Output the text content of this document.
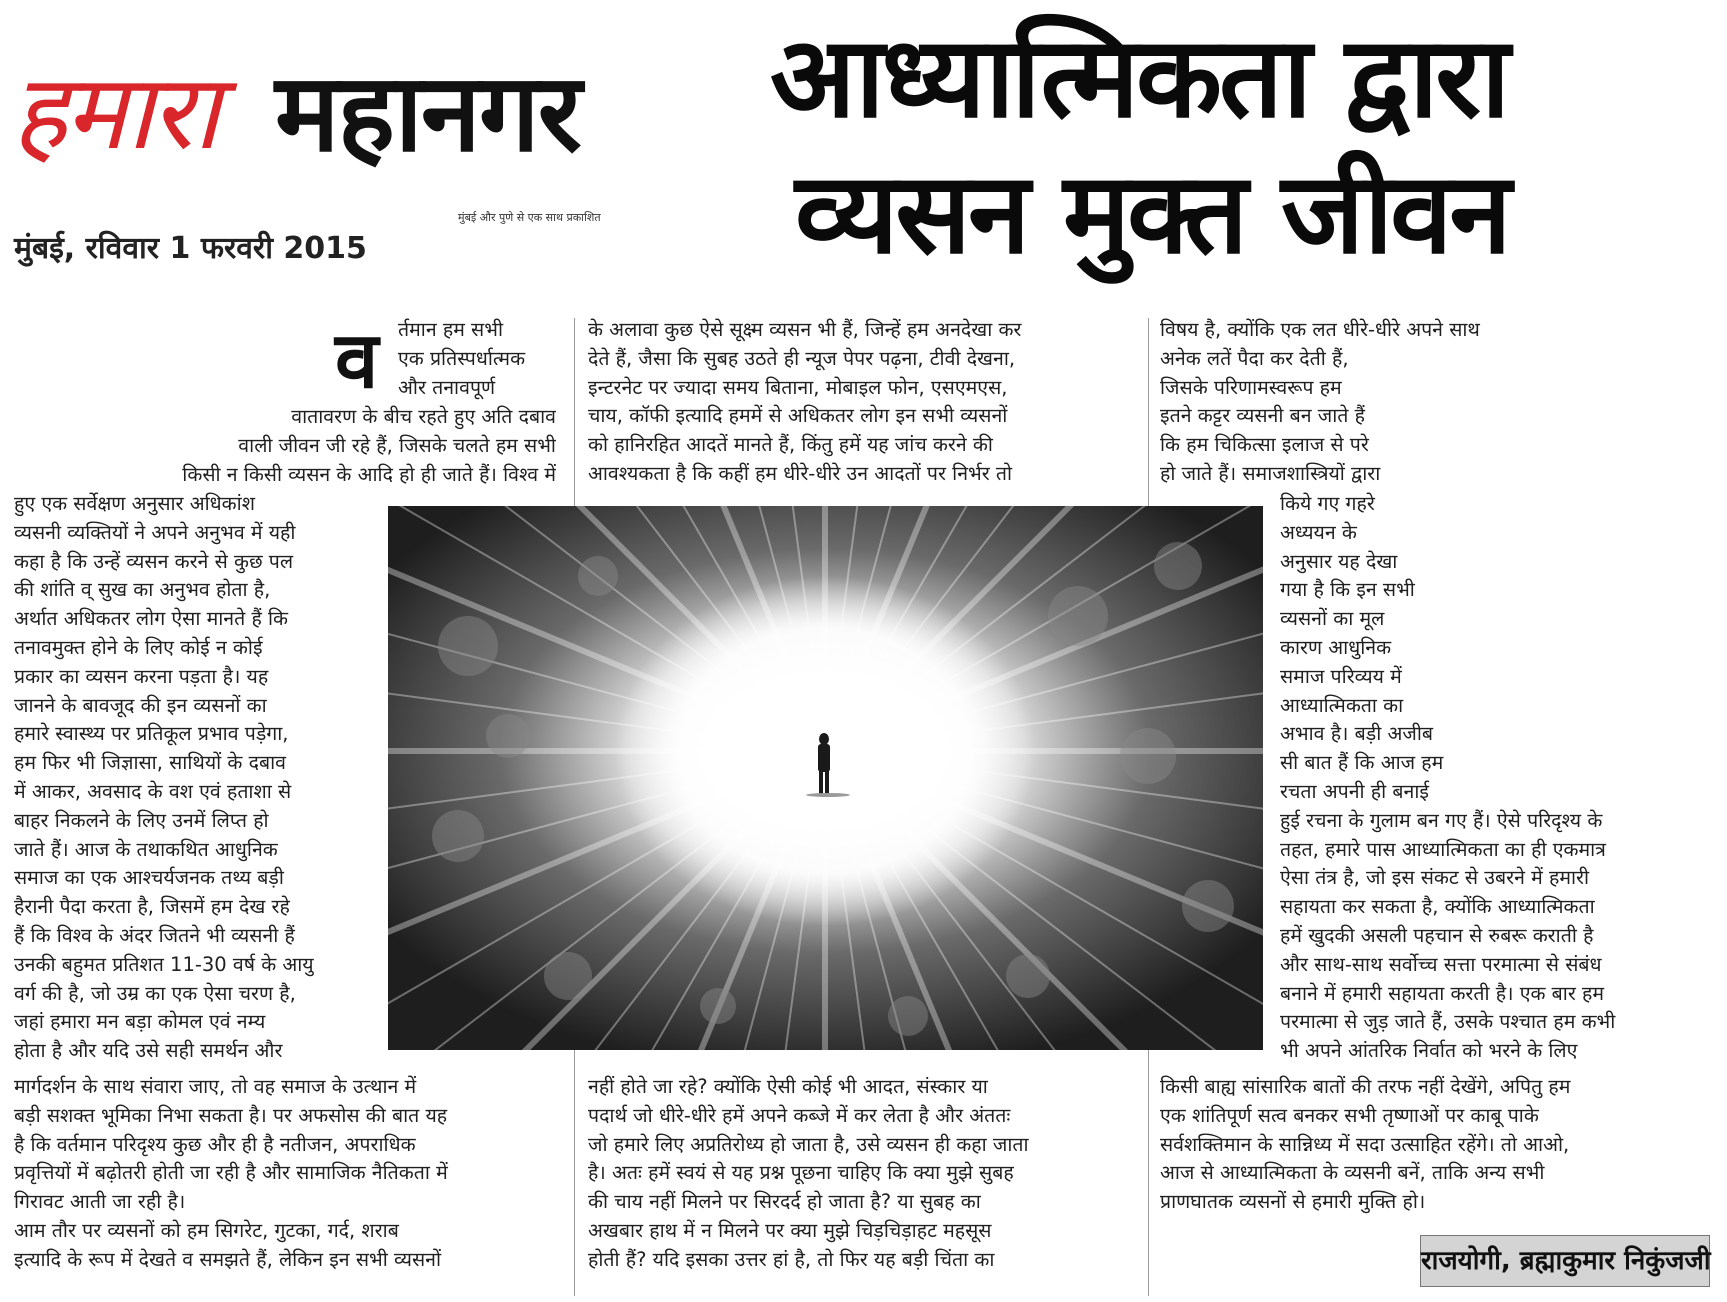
हमारा महानगर
मुंबई और पुणे से एक साथ प्रकाशित
मुंबई, रविवार 1 फरवरी 2015
आध्यात्मिकता द्वारा
व्यसन मुक्त जीवन
व र्तमान हम सभी
एक प्रतिस्पर्धात्मक
और तनावपूर्ण
वातावरण के बीच रहते हुए अति दबाव
वाली जीवन जी रहे हैं, जिसके चलते हम सभी
किसी न किसी व्यसन के आदि हो ही जाते हैं। विश्व में
हुए एक सर्वेक्षण अनुसार अधिकांश
व्यसनी व्यक्तियों ने अपने अनुभव में यही
कहा है कि उन्हें व्यसन करने से कुछ पल
की शांति व् सुख का अनुभव होता है,
अर्थात अधिकतर लोग ऐसा मानते हैं कि
तनावमुक्त होने के लिए कोई न कोई
प्रकार का व्यसन करना पड़ता है। यह
जानने के बावजूद की इन व्यसनों का
हमारे स्वास्थ्य पर प्रतिकूल प्रभाव पड़ेगा,
हम फिर भी जिज्ञासा, साथियों के दबाव
में आकर, अवसाद के वश एवं हताशा से
बाहर निकलने के लिए उनमें लिप्त हो
जाते हैं। आज के तथाकथित आधुनिक
समाज का एक आश्चर्यजनक तथ्य बड़ी
हैरानी पैदा करता है, जिसमें हम देख रहे
हैं कि विश्व के अंदर जितने भी व्यसनी हैं
उनकी बहुमत प्रतिशत 11-30 वर्ष के आयु
वर्ग की है, जो उम्र का एक ऐसा चरण है,
जहां हमारा मन बड़ा कोमल एवं नम्य
होता है और यदि उसे सही समर्थन और
मार्गदर्शन के साथ संवारा जाए, तो वह समाज के उत्थान में
बड़ी सशक्त भूमिका निभा सकता है। पर अफसोस की बात यह
है कि वर्तमान परिदृश्य कुछ और ही है नतीजन, अपराधिक
प्रवृत्तियों में बढ़ोतरी होती जा रही है और सामाजिक नैतिकता में
गिरावट आती जा रही है।
आम तौर पर व्यसनों को हम सिगरेट, गुटका, गर्द, शराब
इत्यादि के रूप में देखते व समझते हैं, लेकिन इन सभी व्यसनों
के अलावा कुछ ऐसे सूक्ष्म व्यसन भी हैं, जिन्हें हम अनदेखा कर
देते हैं, जैसा कि सुबह उठते ही न्यूज पेपर पढ़ना, टीवी देखना,
इन्टरनेट पर ज्यादा समय बिताना, मोबाइल फोन, एसएमएस,
चाय, कॉफी इत्यादि हममें से अधिकतर लोग इन सभी व्यसनों
को हानिरहित आदतें मानते हैं, किंतु हमें यह जांच करने की
आवश्यकता है कि कहीं हम धीरे-धीरे उन आदतों पर निर्भर तो
नहीं होते जा रहे? क्योंकि ऐसी कोई भी आदत, संस्कार या
पदार्थ जो धीरे-धीरे हमें अपने कब्जे में कर लेता है और अंततः
जो हमारे लिए अप्रतिरोध्य हो जाता है, उसे व्यसन ही कहा जाता
है। अतः हमें स्वयं से यह प्रश्न पूछना चाहिए कि क्या मुझे सुबह
की चाय नहीं मिलने पर सिरदर्द हो जाता है? या सुबह का
अखबार हाथ में न मिलने पर क्या मुझे चिड़चिड़ाहट महसूस
होती हैं? यदि इसका उत्तर हां है, तो फिर यह बड़ी चिंता का
विषय है, क्योंकि एक लत धीरे-धीरे अपने साथ
अनेक लतें पैदा कर देती हैं,
जिसके परिणामस्वरूप हम
इतने कट्टर व्यसनी बन जाते हैं
कि हम चिकित्सा इलाज से परे
हो जाते हैं। समाजशास्त्रियों द्वारा
किये गए गहरे
अध्ययन के
अनुसार यह देखा
गया है कि इन सभी
व्यसनों का मूल
कारण आधुनिक
समाज परिव्यय में
आध्यात्मिकता का
अभाव है। बड़ी अजीब
सी बात हैं कि आज हम
रचता अपनी ही बनाई
हुई रचना के गुलाम बन गए हैं। ऐसे परिदृश्य के
तहत, हमारे पास आध्यात्मिकता का ही एकमात्र
ऐसा तंत्र है, जो इस संकट से उबरने में हमारी
सहायता कर सकता है, क्योंकि आध्यात्मिकता
हमें खुदकी असली पहचान से रुबरू कराती है
और साथ-साथ सर्वोच्च सत्ता परमात्मा से संबंध
बनाने में हमारी सहायता करती है। एक बार हम
परमात्मा से जुड़ जाते हैं, उसके पश्चात हम कभी
भी अपने आंतरिक निर्वात को भरने के लिए
किसी बाह्य सांसारिक बातों की तरफ नहीं देखेंगे, अपितु हम
एक शांतिपूर्ण सत्व बनकर सभी तृष्णाओं पर काबू पाके
सर्वशक्तिमान के सान्निध्य में सदा उत्साहित रहेंगे। तो आओ,
आज से आध्यात्मिकता के व्यसनी बनें, ताकि अन्य सभी
प्राणघातक व्यसनों से हमारी मुक्ति हो।
राजयोगी, ब्रह्माकुमार निकुंजजी
